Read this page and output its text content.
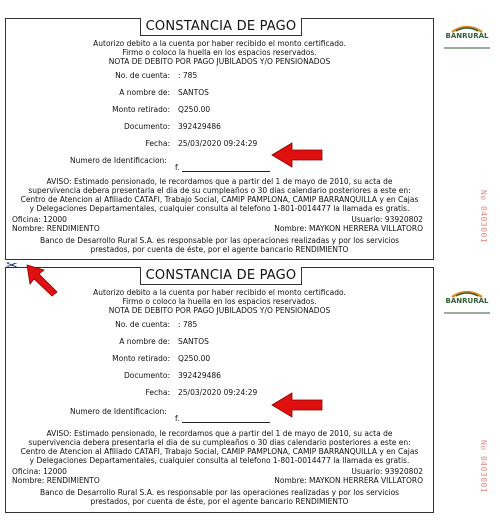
CONSTANCIA DE PAGO
Autorizo debito a la cuenta por haber recibido el monto certificado.
Firmo o coloco la huella en los espacios reservados.
NOTA DE DEBITO POR PAGO JUBILADOS Y/O PENSIONADOS
No. de cuenta: : 785
A nombre de: SANTOS
Monto retirado: Q250.00
Documento: 392429486
Fecha: 25/03/2020 09:24:29
Numero de Identificacion:
f.
AVISO: Estimado pensionado, le recordamos que a partir del 1 de mayo de 2010, su acta de
supervivencia debera presentarla el dia de su cumpleaños o 30 dias calendario posteriores a este en:
Centro de Atencion al Afiliado CATAFI, Trabajo Social, CAMIP PAMPLONA, CAMIP BARRANQUILLA y en Cajas
y Delegaciones Departamentales, cualquier consulta al telefono 1-801-0014477 la llamada es gratis.
Oficina: 12000	Usuario: 93920802
Nombre: RENDIMIENTO	Nombre: MAYKON HERRERA VILLATORO
Banco de Desarrollo Rural S.A. es responsable por las operaciones realizadas y por los servicios
prestados, por cuenta de éste, por el agente bancario RENDIMIENTO
CONSTANCIA DE PAGO
Autorizo debito a la cuenta por haber recibido el monto certificado.
Firmo o coloco la huella en los espacios reservados.
NOTA DE DEBITO POR PAGO JUBILADOS Y/O PENSIONADOS
No. de cuenta: : 785
A nombre de: SANTOS
Monto retirado: Q250.00
Documento: 392429486
Fecha: 25/03/2020 09:24:29
Numero de Identificacion:
f.
AVISO: Estimado pensionado, le recordamos que a partir del 1 de mayo de 2010, su acta de
supervivencia debera presentarla el dia de su cumpleaños o 30 dias calendario posteriores a este en:
Centro de Atencion al Afiliado CATAFI, Trabajo Social, CAMIP PAMPLONA, CAMIP BARRANQUILLA y en Cajas
y Delegaciones Departamentales, cualquier consulta al telefono 1-801-0014477 la llamada es gratis.
Oficina: 12000	Usuario: 93920802
Nombre: RENDIMIENTO	Nombre: MAYKON HERRERA VILLATORO
Banco de Desarrollo Rural S.A. es responsable por las operaciones realizadas y por los servicios
prestados, por cuenta de éste, por el agente bancario RENDIMIENTO
BANRURAL
BANRURAL
No 0403001
No 0403001
✂
